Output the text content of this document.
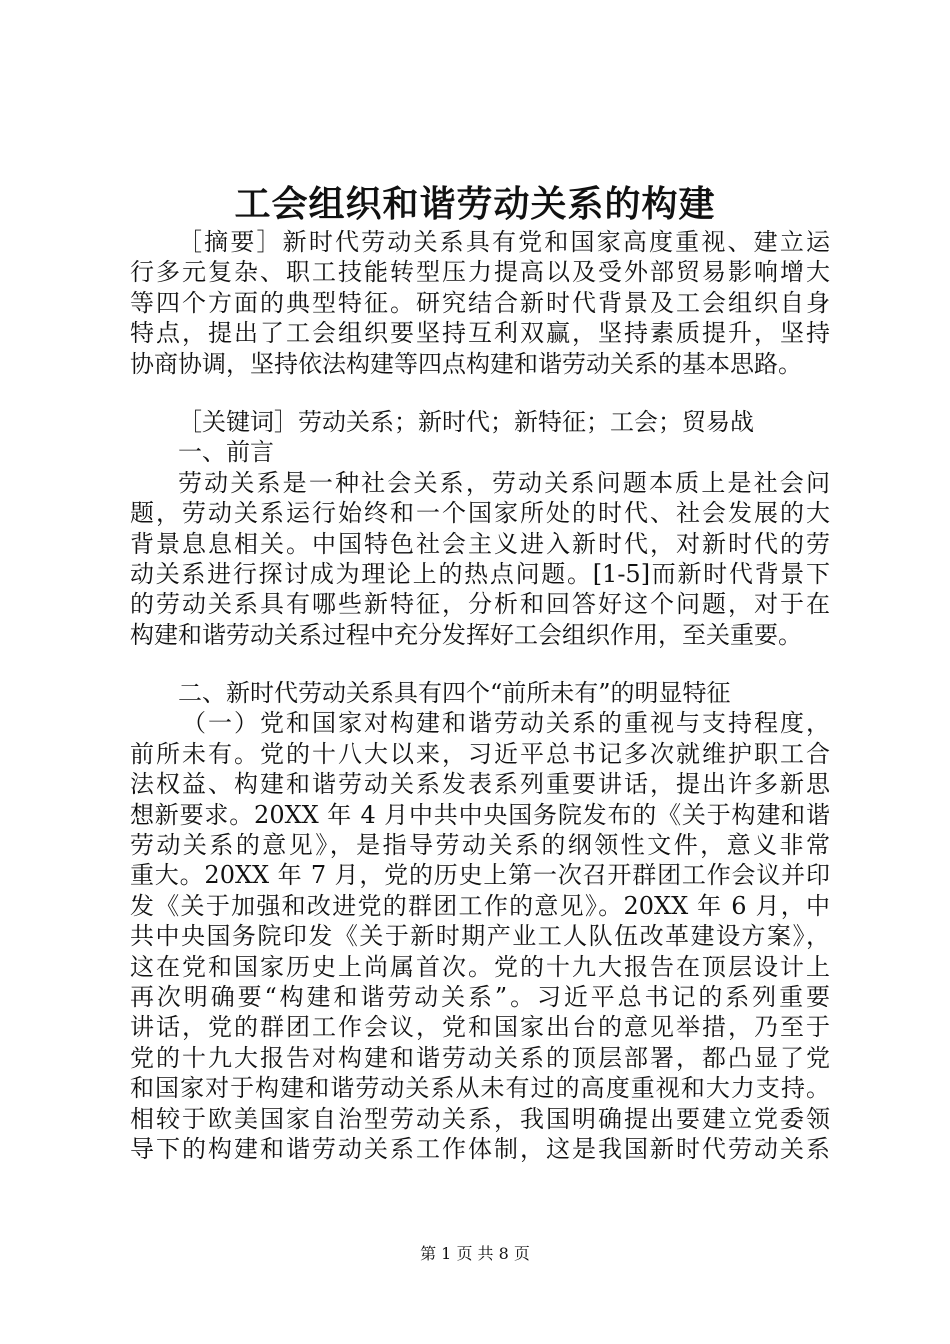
工会组织和谐劳动关系的构建
［摘要］新时代劳动关系具有党和国家高度重视、建立运
行多元复杂、职工技能转型压力提高以及受外部贸易影响增大
等四个方面的典型特征。研究结合新时代背景及工会组织自身
特点，提出了工会组织要坚持互利双赢，坚持素质提升，坚持
协商协调，坚持依法构建等四点构建和谐劳动关系的基本思路。
［关键词］劳动关系；新时代；新特征；工会；贸易战
一、前言
劳动关系是一种社会关系，劳动关系问题本质上是社会问
题，劳动关系运行始终和一个国家所处的时代、社会发展的大
背景息息相关。中国特色社会主义进入新时代，对新时代的劳
动关系进行探讨成为理论上的热点问题。[1-5]而新时代背景下
的劳动关系具有哪些新特征，分析和回答好这个问题，对于在
构建和谐劳动关系过程中充分发挥好工会组织作用，至关重要。
二、新时代劳动关系具有四个“前所未有”的明显特征
（一）党和国家对构建和谐劳动关系的重视与支持程度，
前所未有。党的十八大以来，习近平总书记多次就维护职工合
法权益、构建和谐劳动关系发表系列重要讲话，提出许多新思
想新要求。20XX 年 4 月中共中央国务院发布的《关于构建和谐
劳动关系的意见》，是指导劳动关系的纲领性文件，意义非常
重大。20XX 年 7 月，党的历史上第一次召开群团工作会议并印
发《关于加强和改进党的群团工作的意见》。20XX 年 6 月，中
共中央国务院印发《关于新时期产业工人队伍改革建设方案》，
这在党和国家历史上尚属首次。党的十九大报告在顶层设计上
再次明确要“构建和谐劳动关系”。习近平总书记的系列重要
讲话，党的群团工作会议，党和国家出台的意见举措，乃至于
党的十九大报告对构建和谐劳动关系的顶层部署，都凸显了党
和国家对于构建和谐劳动关系从未有过的高度重视和大力支持。
相较于欧美国家自治型劳动关系，我国明确提出要建立党委领
导下的构建和谐劳动关系工作体制，这是我国新时代劳动关系
第 1 页 共 8 页
